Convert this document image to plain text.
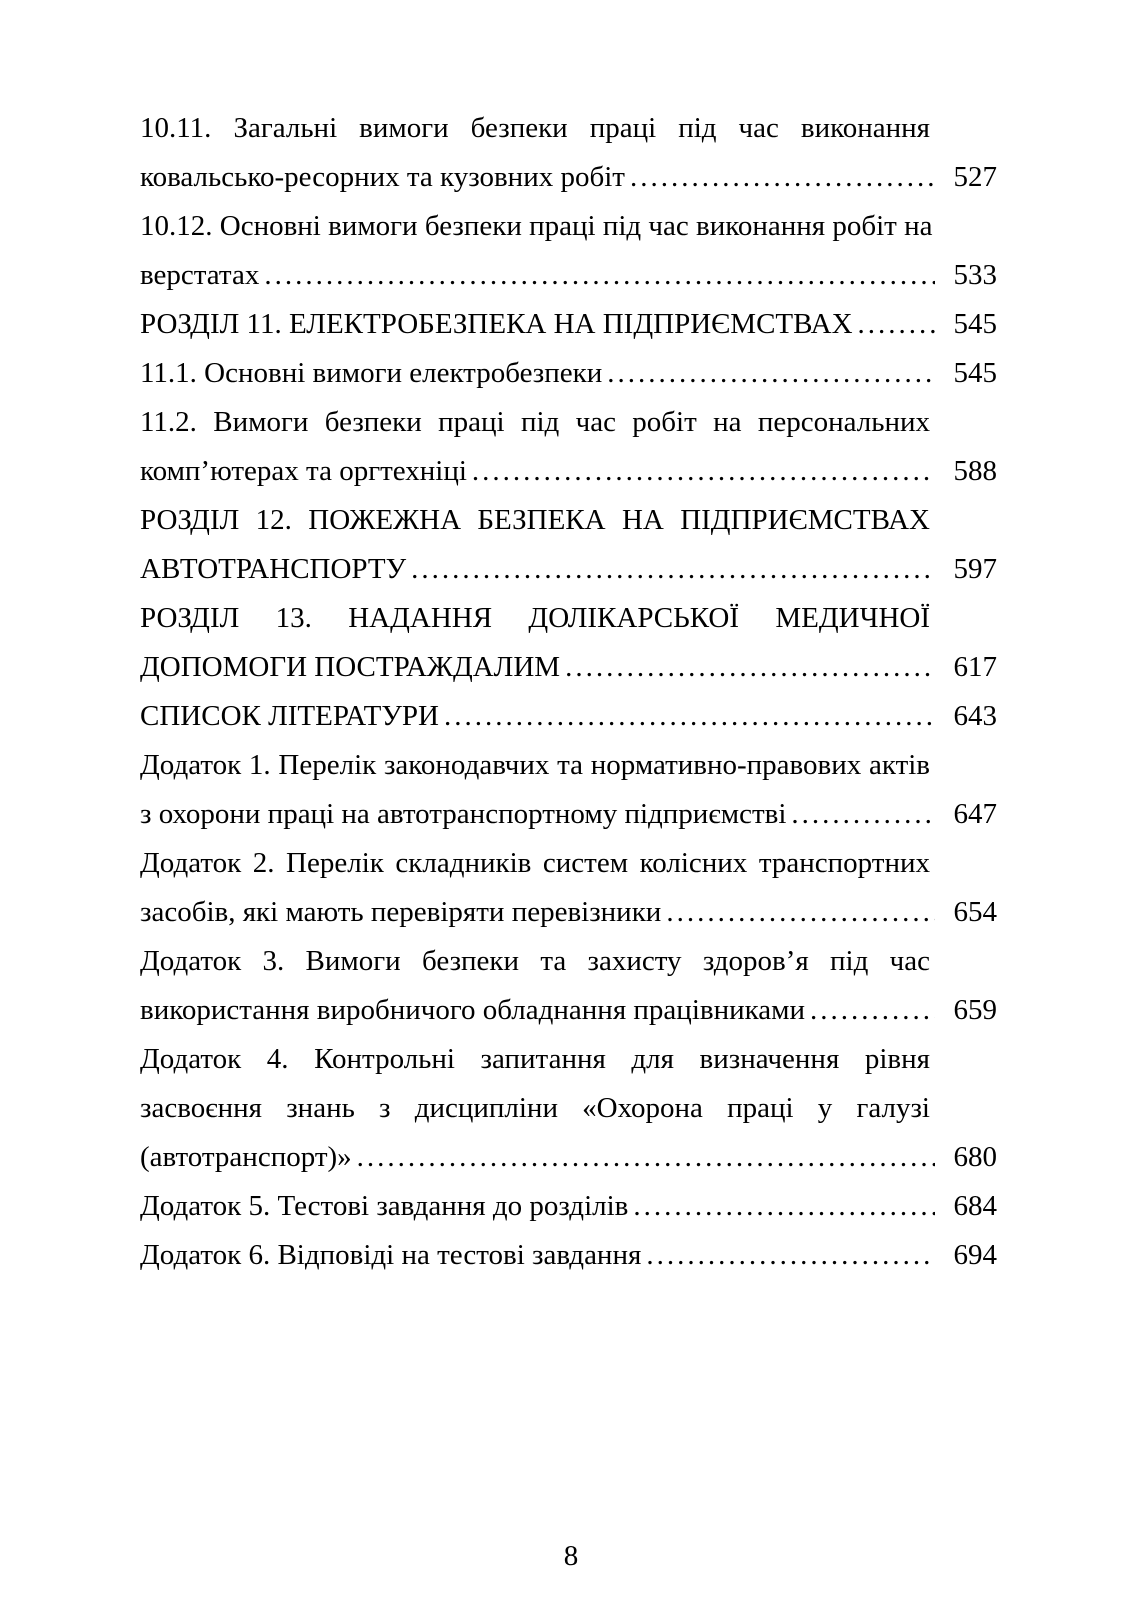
10.11. Загальні вимоги безпеки праці під час виконання
ковальсько-ресорних та кузовних робіт .....	527
10.12. Основні вимоги безпеки праці під час виконання робіт на
верстатах .....	533
РОЗДІЛ 11. ЕЛЕКТРОБЕЗПЕКА НА ПІДПРИЄМСТВАХ .....	545
11.1. Основні вимоги електробезпеки .....	545
11.2. Вимоги безпеки праці під час робіт на персональних
комп’ютерах та оргтехніці .....	588
РОЗДІЛ 12. ПОЖЕЖНА БЕЗПЕКА НА ПІДПРИЄМСТВАХ
АВТОТРАНСПОРТУ .....	597
РОЗДІЛ 13. НАДАННЯ ДОЛІКАРСЬКОЇ МЕДИЧНОЇ
ДОПОМОГИ ПОСТРАЖДАЛИМ .....	617
СПИСОК ЛІТЕРАТУРИ .....	643
Додаток 1. Перелік законодавчих та нормативно-правових актів
з охорони праці на автотранспортному підприємстві .....	647
Додаток 2. Перелік складників систем колісних транспортних
засобів, які мають перевіряти перевізники .....	654
Додаток 3. Вимоги безпеки та захисту здоров’я під час
використання виробничого обладнання працівниками .....	659
Додаток 4. Контрольні запитання для визначення рівня
засвоєння знань з дисципліни «Охорона праці у галузі
(автотранспорт)» .....	680
Додаток 5. Тестові завдання до розділів .....	684
Додаток 6. Відповіді на тестові завдання .....	694
8
